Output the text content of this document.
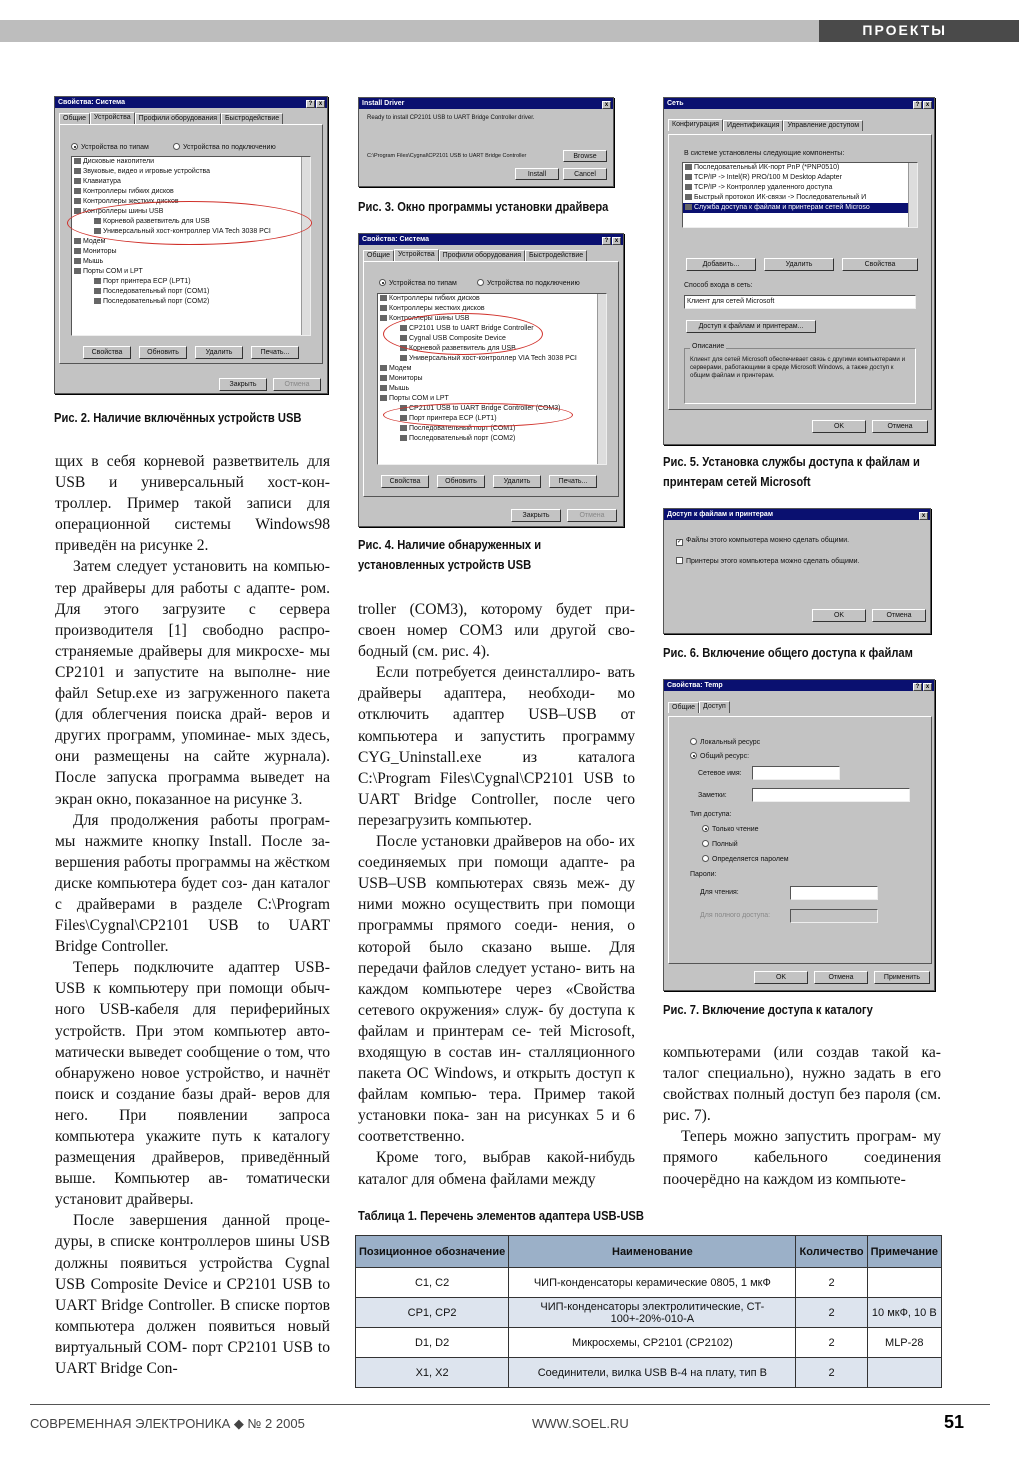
ПРОЕКТЫ
Свойства: Система	? x
Общие Устройства Профили оборудования Быстродействие
Устройства по типам	Устройства по подключению
Дисковые накопители
Звуковые, видео и игровые устройства
Клавиатура
Контроллеры гибких дисков
Контроллеры жестких дисков
Контроллеры шины USB
Корневой разветвитель для USB
Универсальный хост-контроллер VIA Tech 3038 PCI
Модем
Мониторы
Мышь
Порты COM и LPT
Порт принтера ECP (LPT1)
Последовательный порт (COM1)
Последовательный порт (COM2)
Свойства	Обновить	Удалить	Печать...
Закрыть	Отмена
Рис. 2. Наличие включённых устройств USB
Install Driver	x
Ready to install CP2101 USB to UART Bridge Controller driver.
C:\Program Files\Cygnal\CP2101 USB to UART Bridge Controller	Browse
Install	Cancel
Рис. 3. Окно программы установки драйвера
Свойства: Система	? x
Общие Устройства Профили оборудования Быстродействие
Устройства по типам	Устройства по подключению
Контроллеры гибких дисков
Контроллеры жестких дисков
Контроллеры шины USB
CP2101 USB to UART Bridge Controller
Cygnal USB Composite Device
Корневой разветвитель для USB
Универсальный хост-контроллер VIA Tech 3038 PCI
Модем
Мониторы
Мышь
Порты COM и LPT
CP2101 USB to UART Bridge Controller (COM3)
Порт принтера ECP (LPT1)
Последовательный порт (COM1)
Последовательный порт (COM2)
Свойства	Обновить	Удалить	Печать...
Закрыть	Отмена
Рис. 4. Наличие обнаруженных и
установленных устройств USB
Сеть	? x
Конфигурация Идентификация Управление доступом
В системе установлены следующие компоненты:
Последовательный ИК-порт PnP (*PNP0510)
TCP/IP -> Intel(R) PRO/100 M Desktop Adapter
TCP/IP -> Контроллер удаленного доступа
Быстрый протокол ИК-связи -> Последовательный И
Служба доступа к файлам и принтерам сетей Microso
Добавить...	Удалить	Свойства
Способ входа в сеть:
Клиент для сетей Microsoft
Доступ к файлам и принтерам...
Описание
Клиент для сетей Microsoft обеспечивает связь с другими компьютерами и серверами, работающими в среде Microsoft Windows, а также доступ к общим файлам и принтерам.
OK	Отмена
Рис. 5. Установка службы доступа к файлам и
принтерам сетей Microsoft
Доступ к файлам и принтерам	x
✓ Файлы этого компьютера можно сделать общими.
Принтеры этого компьютера можно сделать общими.
OK	Отмена
Рис. 6. Включение общего доступа к файлам
Свойства: Temp	? x
Общие Доступ
Локальный ресурс
Общий ресурс:
Сетевое имя:
Заметки:
Тип доступа:
Только чтение
Полный
Определяется паролем
Пароли:
Для чтения:
Для полного доступа:
OK	Отмена	Применить
Рис. 7. Включение доступа к каталогу

щих в себя корневой разветвитель для USB и универсальный хост-кон- троллер. Пример такой записи для операционной системы Windows98 приведён на рисунке 2.

Затем следует установить на компью- тер драйверы для работы с адапте- ром. Для этого загрузите с сервера производителя [1] свободно распро- страняемые драйверы для микросхе- мы CP2101 и запустите на выполне- ние файл Setup.exe из загруженного пакета (для облегчения поиска драй- веров и других программ, упоминае- мых здесь, они размещены на сайте журнала). После запуска программа выведет на экран окно, показанное на рисунке 3.

Для продолжения работы програм- мы нажмите кнопку Install. После за- вершения работы программы на жёстком диске компьютера будет соз- дан каталог с драйверами в разделе C:\Program Files\Cygnal\CP2101 USB to UART Bridge Controller.

Теперь подключите адаптер USB- USB к компьютеру при помощи обыч- ного USB-кабеля для периферийных устройств. При этом компьютер авто- матически выведет сообщение о том, что обнаружено новое устройство, и начнёт поиск и создание базы драй- веров для него. При появлении запроса компьютера укажите путь к каталогу размещения драйверов, приведённый выше. Компьютер ав- томатически установит драйверы.

После завершения данной проце- дуры, в списке контроллеров шины USB должны появиться устройства Cygnal USB Composite Device и CP2101 USB to UART Bridge Controller. В списке портов компьютера должен появиться новый виртуальный COM- порт CP2101 USB to UART Bridge Con-

troller (COM3), которому будет при- своен номер COM3 или другой сво- бодный (см. рис. 4).

Если потребуется деинсталлиро- вать драйверы адаптера, необходи- мо отключить адаптер USB–USB от компьютера и запустить программу CYG_Uninstall.exe из каталога C:\Program Files\Cygnal\CP2101 USB to UART Bridge Controller, после чего перезагрузить компьютер.

После установки драйверов на обо- их соединяемых при помощи адапте- ра USB–USB компьютерах связь меж- ду ними можно осуществить при помощи программы прямого соеди- нения, о которой было сказано выше. Для передачи файлов следует устано- вить на каждом компьютере через «Свойства сетевого окружения» служ- бу доступа к файлам и принтерам се- тей Microsoft, входящую в состав ин- сталляционного пакета ОС Windows, и открыть доступ к файлам компью- тера. Пример такой установки пока- зан на рисунках 5 и 6 соответственно.

Кроме того, выбрав какой-нибудь каталог для обмена файлами между

компьютерами (или создав такой ка- талог специально), нужно задать в его свойствах полный доступ без пароля (см. рис. 7).

Теперь можно запустить програм- му прямого кабельного соединения поочерёдно на каждом из компьюте-

Таблица 1. Перечень элементов адаптера USB-USB
Позиционное обозначение	Наименование	Количество	Примечание
C1, C2	ЧИП-конденсаторы керамические 0805, 1 мкФ	2	
CP1, CP2	ЧИП-конденсаторы электролитические, CT-100+-20%-010-A	2	10 мкФ, 10 В
D1, D2	Микросхемы, CP2101 (CP2102)	2	MLP-28
X1, X2	Соединители, вилка USB B-4 на плату, тип B	2	
СОВРЕМЕННАЯ ЭЛЕКТРОНИКА ◆ № 2 2005	WWW.SOEL.RU	51
